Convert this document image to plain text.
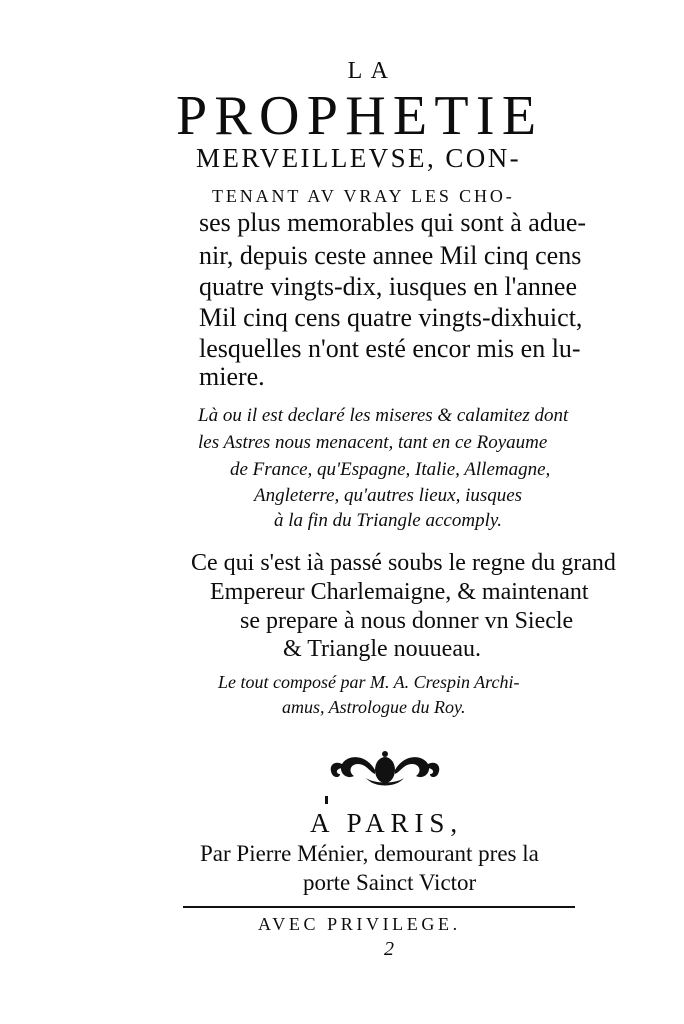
LA
PROPHETIE
MERVEILLEVSE, CON-
TENANT AV VRAY LES CHO-
ses plus memorables qui sont à adue-
nir, depuis ceste annee Mil cinq cens
quatre vingts-dix, iusques en l'annee
Mil cinq cens quatre vingts-dixhuict,
lesquelles n'ont esté encor mis en lu-
miere.
Là ou il est declaré les miseres & calamitez dont
les Astres nous menacent, tant en ce Royaume
de France, qu'Espagne, Italie, Allemagne,
Angleterre, qu'autres lieux, iusques
à la fin du Triangle accomply.
Ce qui s'est ià passé soubs le regne du grand
Empereur Charlemaigne, & maintenant
se prepare à nous donner vn Siecle
& Triangle nouueau.
Le tout composé par M. A. Crespin Archi-
amus, Astrologue du Roy.
A PARIS,
Par Pierre Ménier, demourant pres la
porte Sainct Victor
AVEC PRIVILEGE.
2
